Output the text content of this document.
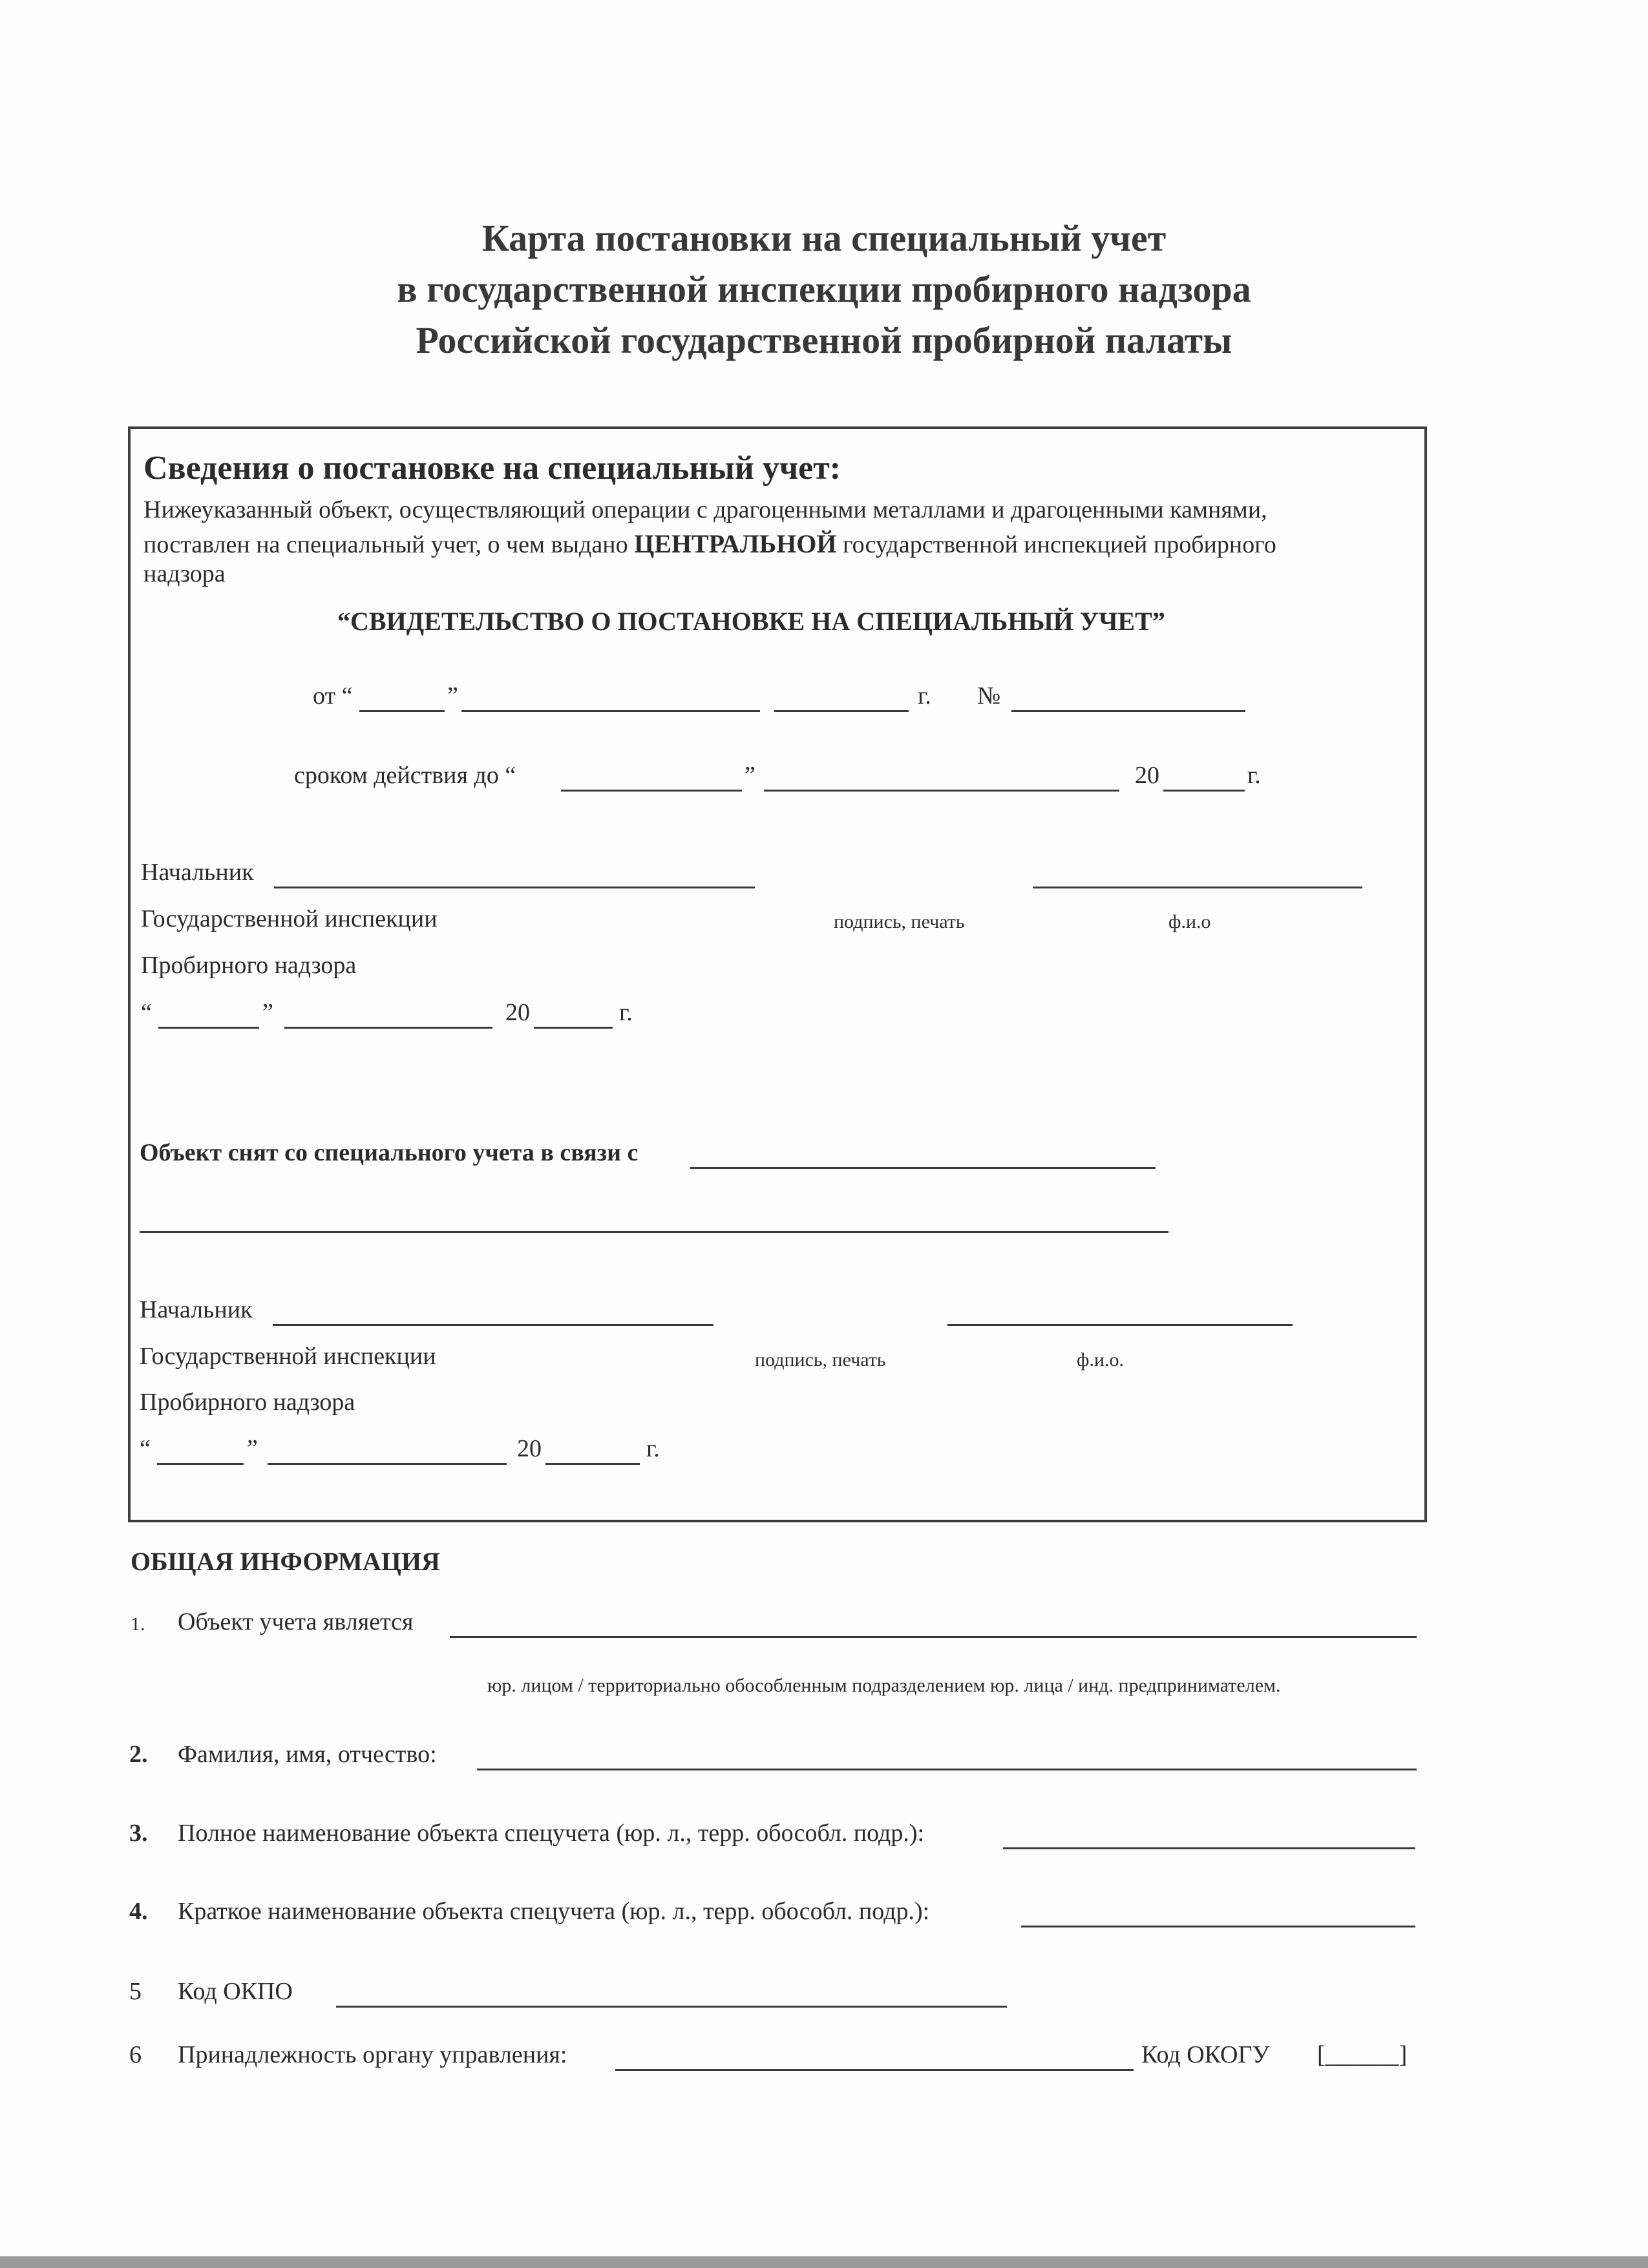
Карта постановки на специальный учет
в государственной инспекции пробирного надзора
Российской государственной пробирной палаты
Сведения о постановке на специальный учет:
Нижеуказанный объект, осуществляющий операции с драгоценными металлами и драгоценными камнями,
поставлен на специальный учет, о чем выдано ЦЕНТРАЛЬНОЙ государственной инспекцией пробирного
надзора
“СВИДЕТЕЛЬСТВО О ПОСТАНОВКЕ НА СПЕЦИАЛЬНЫЙ УЧЕТ”
от “	”	г. №
сроком действия до “	”	20	г.
Начальник
Государственной инспекции	подпись, печать	ф.и.о
Пробирного надзора
“	”	20	г.
Объект снят со специального учета в связи с
Начальник
Государственной инспекции	подпись, печать	ф.и.о.
Пробирного надзора
“	”	20	г.
ОБЩАЯ ИНФОРМАЦИЯ
1. Объект учета является
юр. лицом / территориально обособленным подразделением юр. лица / инд. предпринимателем.
2. Фамилия, имя, отчество:
3. Полное наименование объекта спецучета (юр. л., терр. обособл. подр.):
4. Краткое наименование объекта спецучета (юр. л., терр. обособл. подр.):
5 Код ОКПО
6 Принадлежность органу управления:	Код ОКОГУ [______]
